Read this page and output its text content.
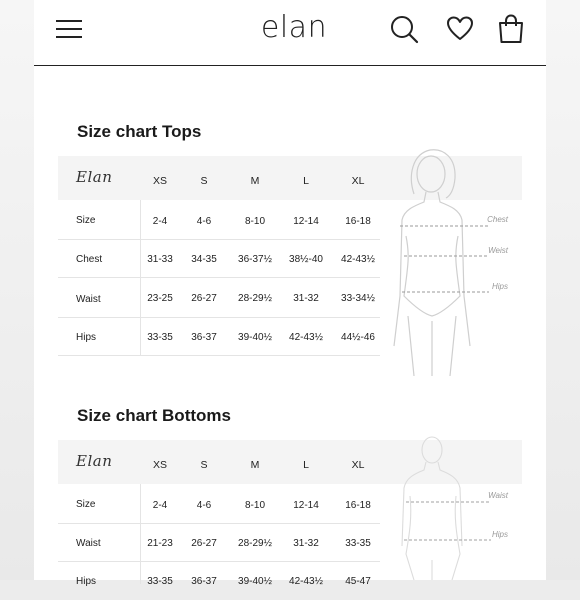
elan
Size chart Tops
Elan	XS	S	M	L	XL
Size	2-4	4-6	8-10	12-14	16-18
Chest	31-33	34-35	36-37½	38½-40	42-43½
Waist	23-25	26-27	28-29½	31-32	33-34½
Hips	33-35	36-37	39-40½	42-43½	44½-46
Chest
Weist
Hips
Size chart Bottoms
Elan	XS	S	M	L	XL
Size	2-4	4-6	8-10	12-14	16-18
Waist	21-23	26-27	28-29½	31-32	33-35
Hips	33-35	36-37	39-40½	42-43½	45-47
Waist
Hips
